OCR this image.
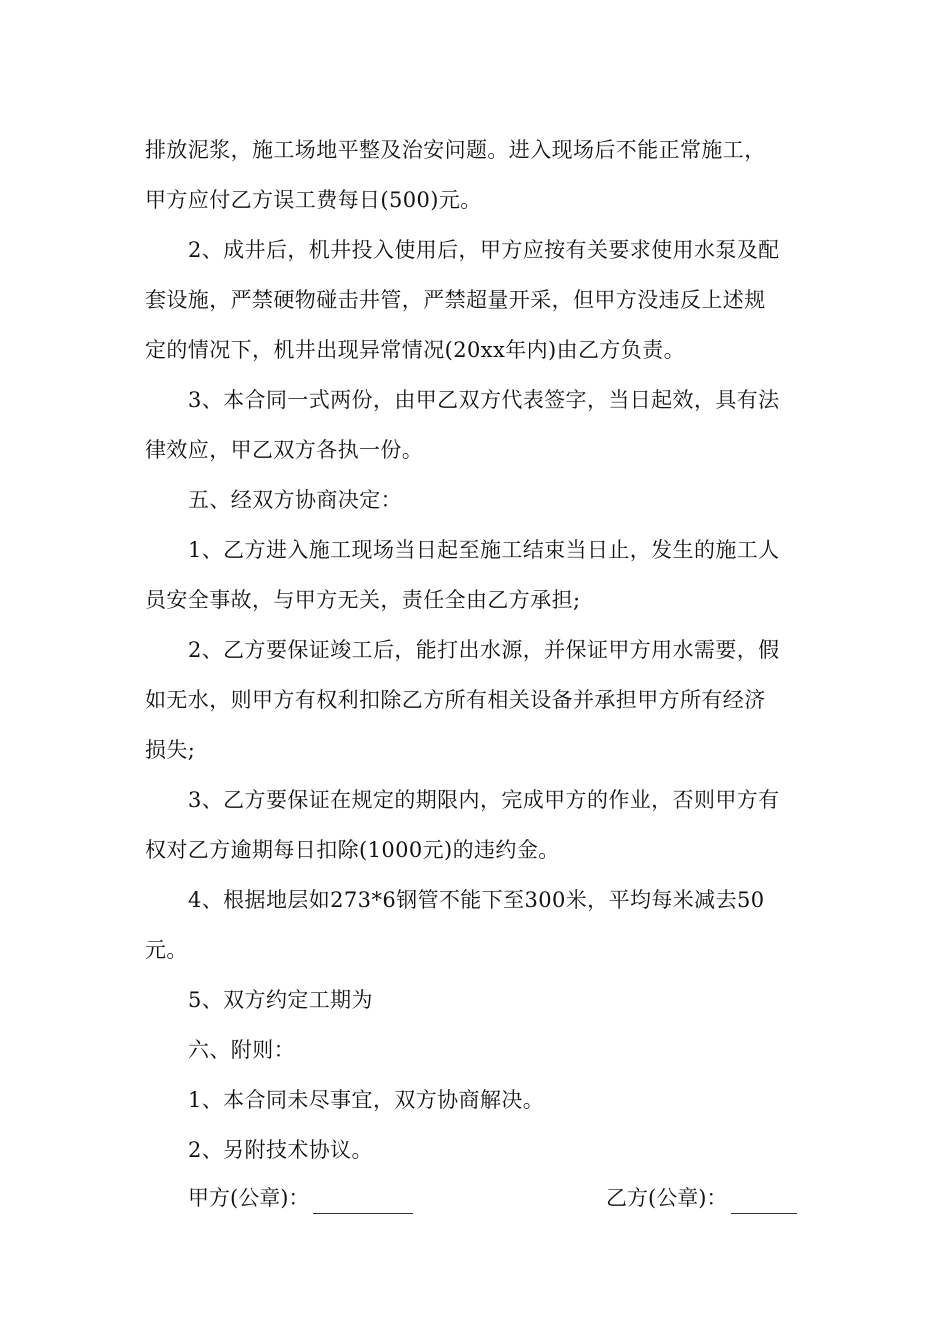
排放泥浆，施工场地平整及治安问题。进入现场后不能正常施工，
甲方应付乙方误工费每日(500)元。
2、成井后，机井投入使用后，甲方应按有关要求使用水泵及配
套设施，严禁硬物碰击井管，严禁超量开采，但甲方没违反上述规
定的情况下，机井出现异常情况(20xx年内)由乙方负责。
3、本合同一式两份，由甲乙双方代表签字，当日起效，具有法
律效应，甲乙双方各执一份。
五、经双方协商决定：
1、乙方进入施工现场当日起至施工结束当日止，发生的施工人
员安全事故，与甲方无关，责任全由乙方承担;
2、乙方要保证竣工后，能打出水源，并保证甲方用水需要，假
如无水，则甲方有权利扣除乙方所有相关设备并承担甲方所有经济
损失;
3、乙方要保证在规定的期限内，完成甲方的作业，否则甲方有
权对乙方逾期每日扣除(1000元)的违约金。
4、根据地层如273*6钢管不能下至300米，平均每米减去50
元。
5、双方约定工期为
六、附则：
1、本合同未尽事宜，双方协商解决。
2、另附技术协议。
甲方(公章)：	乙方(公章)：
